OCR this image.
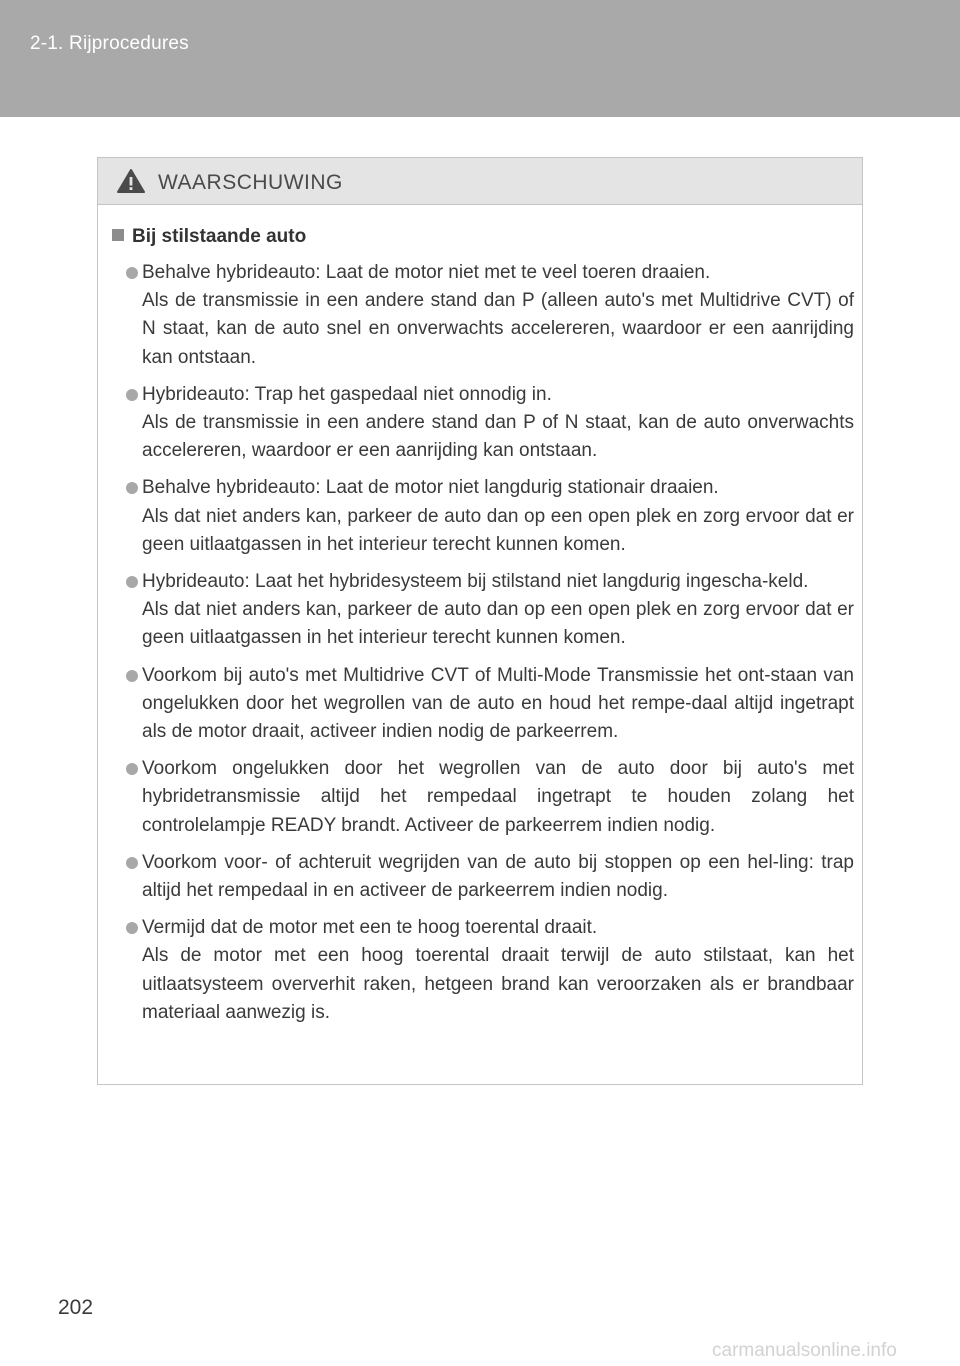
2-1. Rijprocedures
WAARSCHUWING
Bij stilstaande auto

Behalve hybrideauto: Laat de motor niet met te veel toeren draaien.

Als de transmissie in een andere stand dan P (alleen auto's met Multidrive CVT) of N staat, kan de auto snel en onverwachts accelereren, waardoor er een aanrijding kan ontstaan.

Hybrideauto: Trap het gaspedaal niet onnodig in.

Als de transmissie in een andere stand dan P of N staat, kan de auto onverwachts accelereren, waardoor er een aanrijding kan ontstaan.

Behalve hybrideauto: Laat de motor niet langdurig stationair draaien.

Als dat niet anders kan, parkeer de auto dan op een open plek en zorg ervoor dat er geen uitlaatgassen in het interieur terecht kunnen komen.

Hybrideauto: Laat het hybridesysteem bij stilstand niet langdurig ingescha-keld.

Als dat niet anders kan, parkeer de auto dan op een open plek en zorg ervoor dat er geen uitlaatgassen in het interieur terecht kunnen komen.

Voorkom bij auto's met Multidrive CVT of Multi-Mode Transmissie het ont-staan van ongelukken door het wegrollen van de auto en houd het rempe-daal altijd ingetrapt als de motor draait, activeer indien nodig de parkeerrem.

Voorkom ongelukken door het wegrollen van de auto door bij auto's met hybridetransmissie altijd het rempedaal ingetrapt te houden zolang het controlelampje READY brandt. Activeer de parkeerrem indien nodig.

Voorkom voor- of achteruit wegrijden van de auto bij stoppen op een hel-ling: trap altijd het rempedaal in en activeer de parkeerrem indien nodig.

Vermijd dat de motor met een te hoog toerental draait.

Als de motor met een hoog toerental draait terwijl de auto stilstaat, kan het uitlaatsysteem oververhit raken, hetgeen brand kan veroorzaken als er brandbaar materiaal aanwezig is.

202
carmanualsonline.info
